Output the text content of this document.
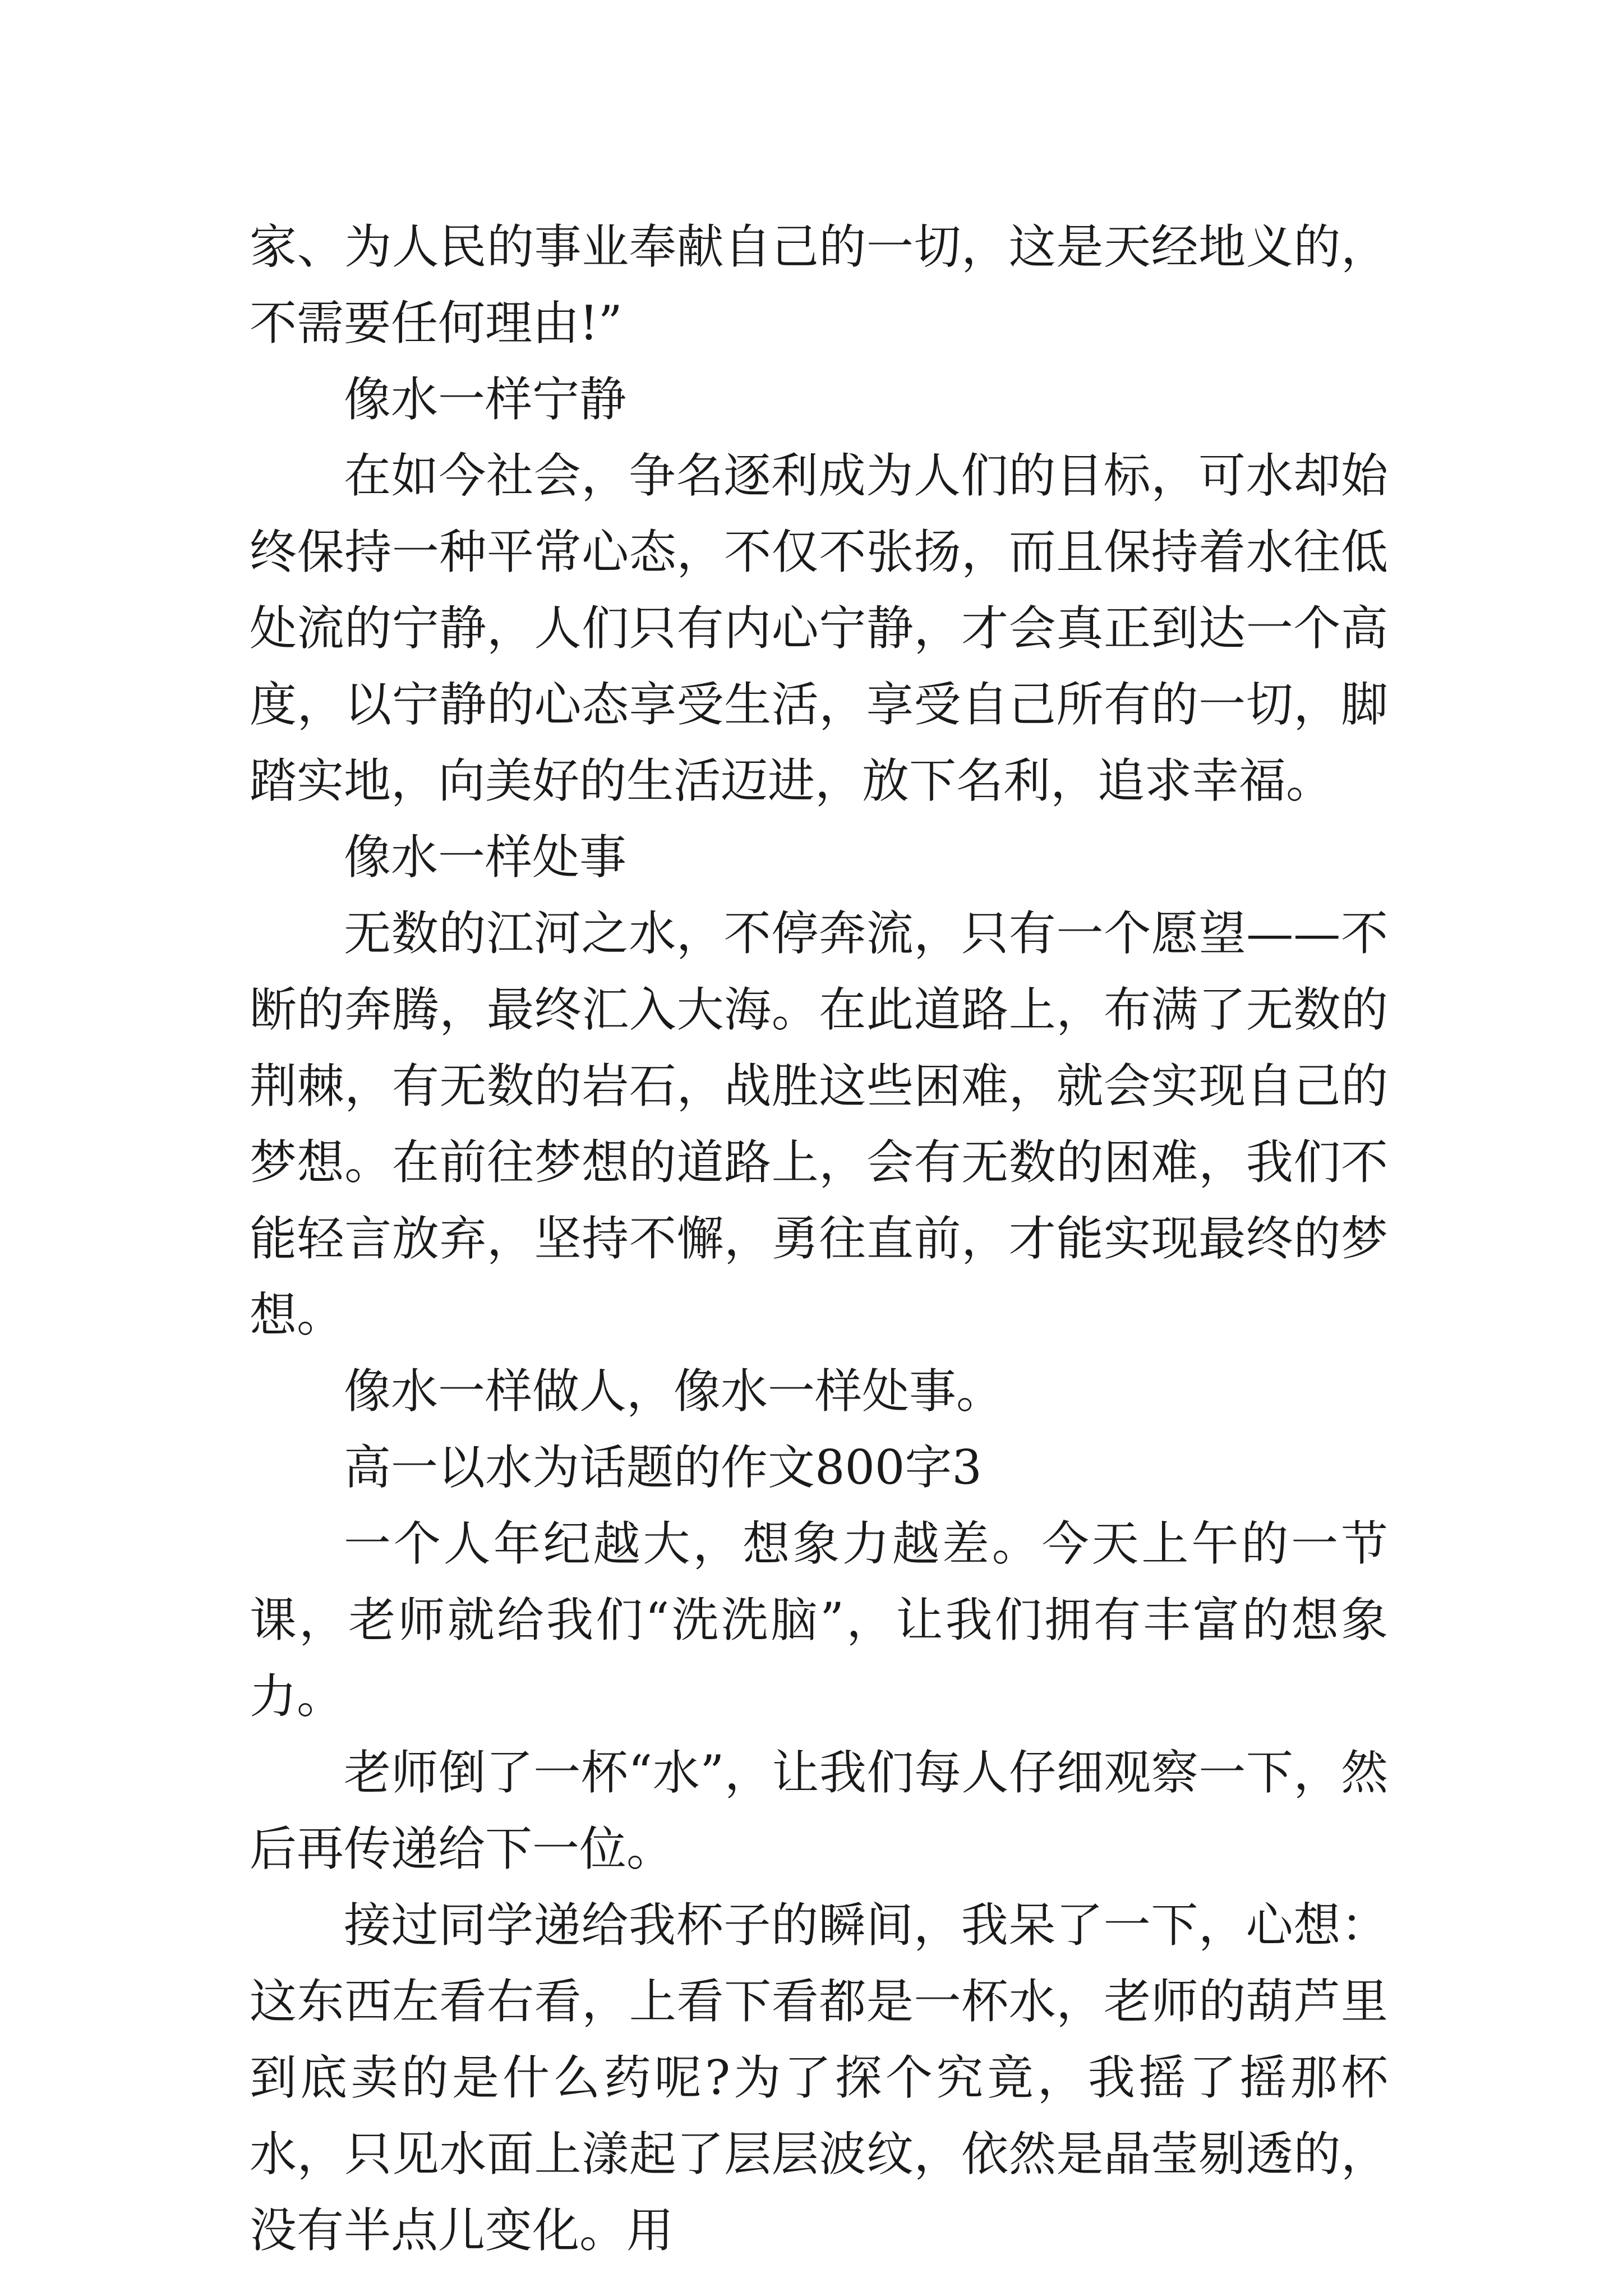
家、为人民的事业奉献自己的一切，这是天经地义的，不需要任何理由!”

像水一样宁静

在如今社会，争名逐利成为人们的目标，可水却始终保持一种平常心态，不仅不张扬，而且保持着水往低处流的宁静，人们只有内心宁静，才会真正到达一个高度，以宁静的心态享受生活，享受自己所有的一切，脚踏实地，向美好的生活迈进，放下名利，追求幸福。

像水一样处事

无数的江河之水，不停奔流，只有一个愿望——不断的奔腾，最终汇入大海。在此道路上，布满了无数的荆棘，有无数的岩石，战胜这些困难，就会实现自己的梦想。在前往梦想的道路上，会有无数的困难，我们不能轻言放弃，坚持不懈，勇往直前，才能实现最终的梦想。

像水一样做人，像水一样处事。

高一以水为话题的作文800字3

一个人年纪越大，想象力越差。今天上午的一节课，老师就给我们“洗洗脑”，让我们拥有丰富的想象力。

老师倒了一杯“水”，让我们每人仔细观察一下，然后再传递给下一位。

接过同学递给我杯子的瞬间，我呆了一下，心想：这东西左看右看，上看下看都是一杯水，老师的葫芦里到底卖的是什么药呢?为了探个究竟，我摇了摇那杯水，只见水面上漾起了层层波纹，依然是晶莹剔透的，没有半点儿变化。用
